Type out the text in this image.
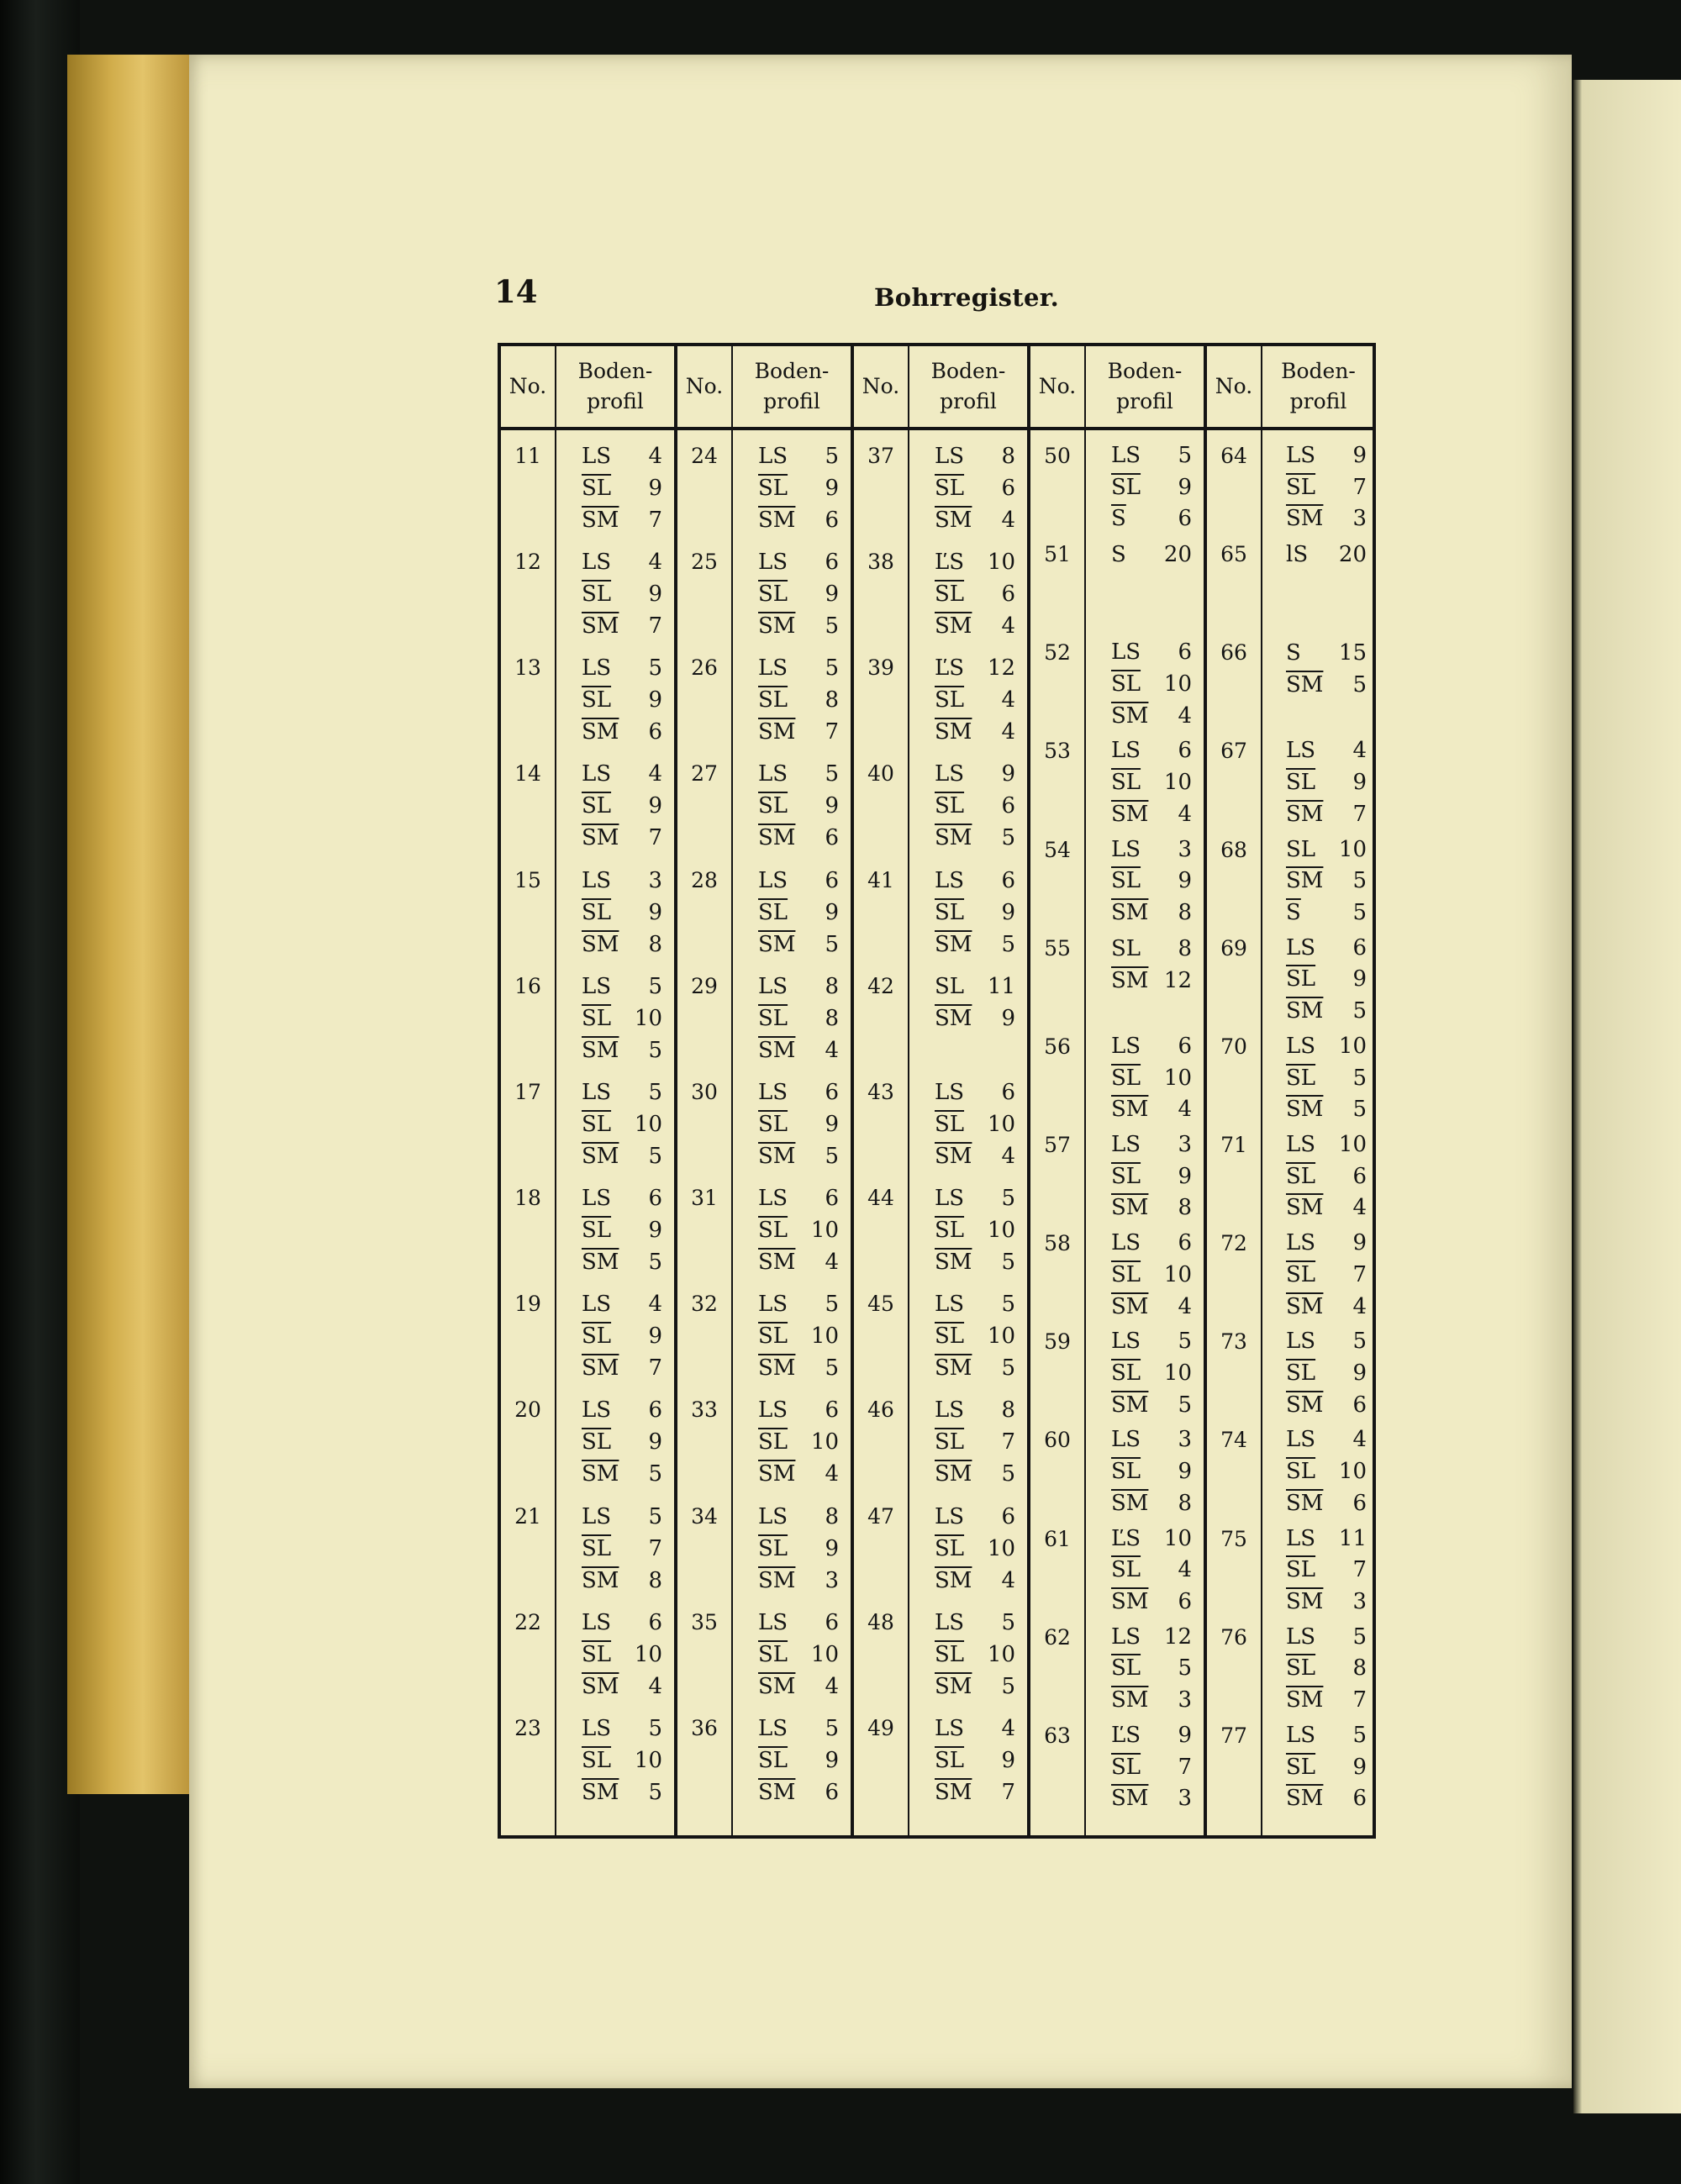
14	Bohrregister.
No.
Boden-
profil
No.
Boden-
profil
No.
Boden-
profil
No.
Boden-
profil
No.
Boden-
profil
11	LS 4
$\overline{SL}$ 9
$\overline{SM}$ 7
12	LS 4
$\overline{SL}$ 9
$\overline{SM}$ 7
13	LS 5
$\overline{SL}$ 9
$\overline{SM}$ 6
14	LS 4
$\overline{SL}$ 9
$\overline{SM}$ 7
15	LS 3
$\overline{SL}$ 9
$\overline{SM}$ 8
16	LS 5
$\overline{SL}$ 10
$\overline{SM}$ 5
17	LS 5
$\overline{SL}$ 10
$\overline{SM}$ 5
18	LS 6
$\overline{SL}$ 9
$\overline{SM}$ 5
19	LS 4
$\overline{SL}$ 9
$\overline{SM}$ 7
20	LS 6
$\overline{SL}$ 9
$\overline{SM}$ 5
21	LS 5
$\overline{SL}$ 7
$\overline{SM}$ 8
22	LS 6
$\overline{SL}$ 10
$\overline{SM}$ 4
23	LS 5
$\overline{SL}$ 10
$\overline{SM}$ 5
24	LS 5
$\overline{SL}$ 9
$\overline{SM}$ 6
25	LS 6
$\overline{SL}$ 9
$\overline{SM}$ 5
26	LS 5
$\overline{SL}$ 8
$\overline{SM}$ 7
27	LS 5
$\overline{SL}$ 9
$\overline{SM}$ 6
28	LS 6
$\overline{SL}$ 9
$\overline{SM}$ 5
29	LS 8
$\overline{SL}$ 8
$\overline{SM}$ 4
30	LS 6
$\overline{SL}$ 9
$\overline{SM}$ 5
31	LS 6
$\overline{SL}$ 10
$\overline{SM}$ 4
32	LS 5
$\overline{SL}$ 10
$\overline{SM}$ 5
33	LS 6
$\overline{SL}$ 10
$\overline{SM}$ 4
34	LS 8
$\overline{SL}$ 9
$\overline{SM}$ 3
35	LS 6
$\overline{SL}$ 10
$\overline{SM}$ 4
36	LS 5
$\overline{SL}$ 9
$\overline{SM}$ 6
37	LS 8
$\overline{SL}$ 6
$\overline{SM}$ 4
38	ĽS 10
$\overline{SL}$ 6
$\overline{SM}$ 4
39	ĽS 12
$\overline{SL}$ 4
$\overline{SM}$ 4
40	LS 9
$\overline{SL}$ 6
$\overline{SM}$ 5
41	LS 6
$\overline{SL}$ 9
$\overline{SM}$ 5
42	SL 11
$\overline{SM}$ 9
43	LS 6
$\overline{SL}$ 10
$\overline{SM}$ 4
44	LS 5
$\overline{SL}$ 10
$\overline{SM}$ 5
45	LS 5
$\overline{SL}$ 10
$\overline{SM}$ 5
46	LS 8
$\overline{SL}$ 7
$\overline{SM}$ 5
47	LS 6
$\overline{SL}$ 10
$\overline{SM}$ 4
48	LS 5
$\overline{SL}$ 10
$\overline{SM}$ 5
49	LS 4
$\overline{SL}$ 9
$\overline{SM}$ 7
50	LS 5
$\overline{SL}$ 9
$\overline{S}$ 6
51	S 20
52	LS 6
$\overline{SL}$ 10
$\overline{SM}$ 4
53	LS 6
$\overline{SL}$ 10
$\overline{SM}$ 4
54	LS 3
$\overline{SL}$ 9
$\overline{SM}$ 8
55	SL 8
$\overline{SM}$ 12
56	LS 6
$\overline{SL}$ 10
$\overline{SM}$ 4
57	LS 3
$\overline{SL}$ 9
$\overline{SM}$ 8
58	LS 6
$\overline{SL}$ 10
$\overline{SM}$ 4
59	LS 5
$\overline{SL}$ 10
$\overline{SM}$ 5
60	LS 3
$\overline{SL}$ 9
$\overline{SM}$ 8
61	ĽS 10
$\overline{SL}$ 4
$\overline{SM}$ 6
62	LS 12
$\overline{SL}$ 5
$\overline{SM}$ 3
63	ĽS 9
$\overline{SL}$ 7
$\overline{SM}$ 3
64	LS 9
$\overline{SL}$ 7
$\overline{SM}$ 3
65	lS 20
66	S 15
$\overline{SM}$ 5
67	LS 4
$\overline{SL}$ 9
$\overline{SM}$ 7
68	SL 10
$\overline{SM}$ 5
$\overline{S}$ 5
69	LS 6
$\overline{SL}$ 9
$\overline{SM}$ 5
70	LS 10
$\overline{SL}$ 5
$\overline{SM}$ 5
71	LS 10
$\overline{SL}$ 6
$\overline{SM}$ 4
72	LS 9
$\overline{SL}$ 7
$\overline{SM}$ 4
73	LS 5
$\overline{SL}$ 9
$\overline{SM}$ 6
74	LS 4
$\overline{SL}$ 10
$\overline{SM}$ 6
75	LS 11
$\overline{SL}$ 7
$\overline{SM}$ 3
76	LS 5
$\overline{SL}$ 8
$\overline{SM}$ 7
77	LS 5
$\overline{SL}$ 9
$\overline{SM}$ 6
